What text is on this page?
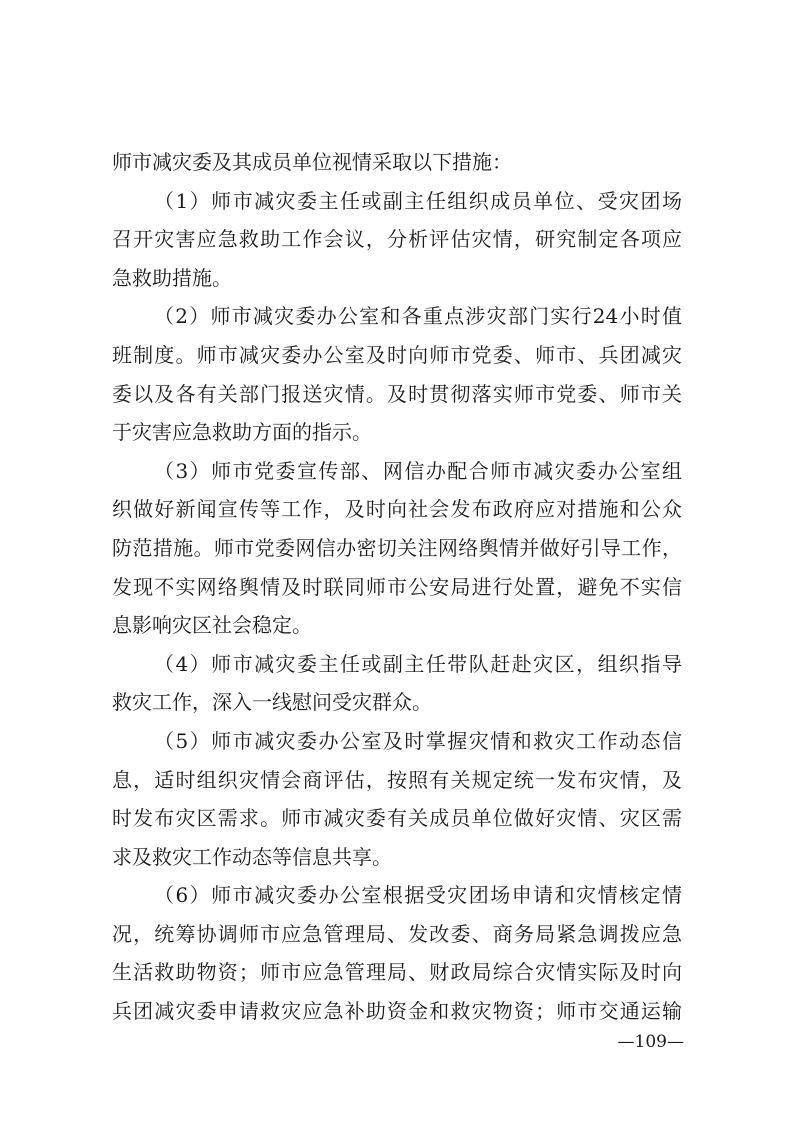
师市减灾委及其成员单位视情采取以下措施：
（1）师市减灾委主任或副主任组织成员单位、受灾团场
召开灾害应急救助工作会议，分析评估灾情，研究制定各项应
急救助措施。
（2）师市减灾委办公室和各重点涉灾部门实行24小时值
班制度。师市减灾委办公室及时向师市党委、师市、兵团减灾
委以及各有关部门报送灾情。及时贯彻落实师市党委、师市关
于灾害应急救助方面的指示。
（3）师市党委宣传部、网信办配合师市减灾委办公室组
织做好新闻宣传等工作，及时向社会发布政府应对措施和公众
防范措施。师市党委网信办密切关注网络舆情并做好引导工作，
发现不实网络舆情及时联同师市公安局进行处置，避免不实信
息影响灾区社会稳定。
（4）师市减灾委主任或副主任带队赶赴灾区，组织指导
救灾工作，深入一线慰问受灾群众。
（5）师市减灾委办公室及时掌握灾情和救灾工作动态信
息，适时组织灾情会商评估，按照有关规定统一发布灾情，及
时发布灾区需求。师市减灾委有关成员单位做好灾情、灾区需
求及救灾工作动态等信息共享。
（6）师市减灾委办公室根据受灾团场申请和灾情核定情
况，统筹协调师市应急管理局、发改委、商务局紧急调拨应急
生活救助物资；师市应急管理局、财政局综合灾情实际及时向
兵团减灾委申请救灾应急补助资金和救灾物资；师市交通运输
—109—
